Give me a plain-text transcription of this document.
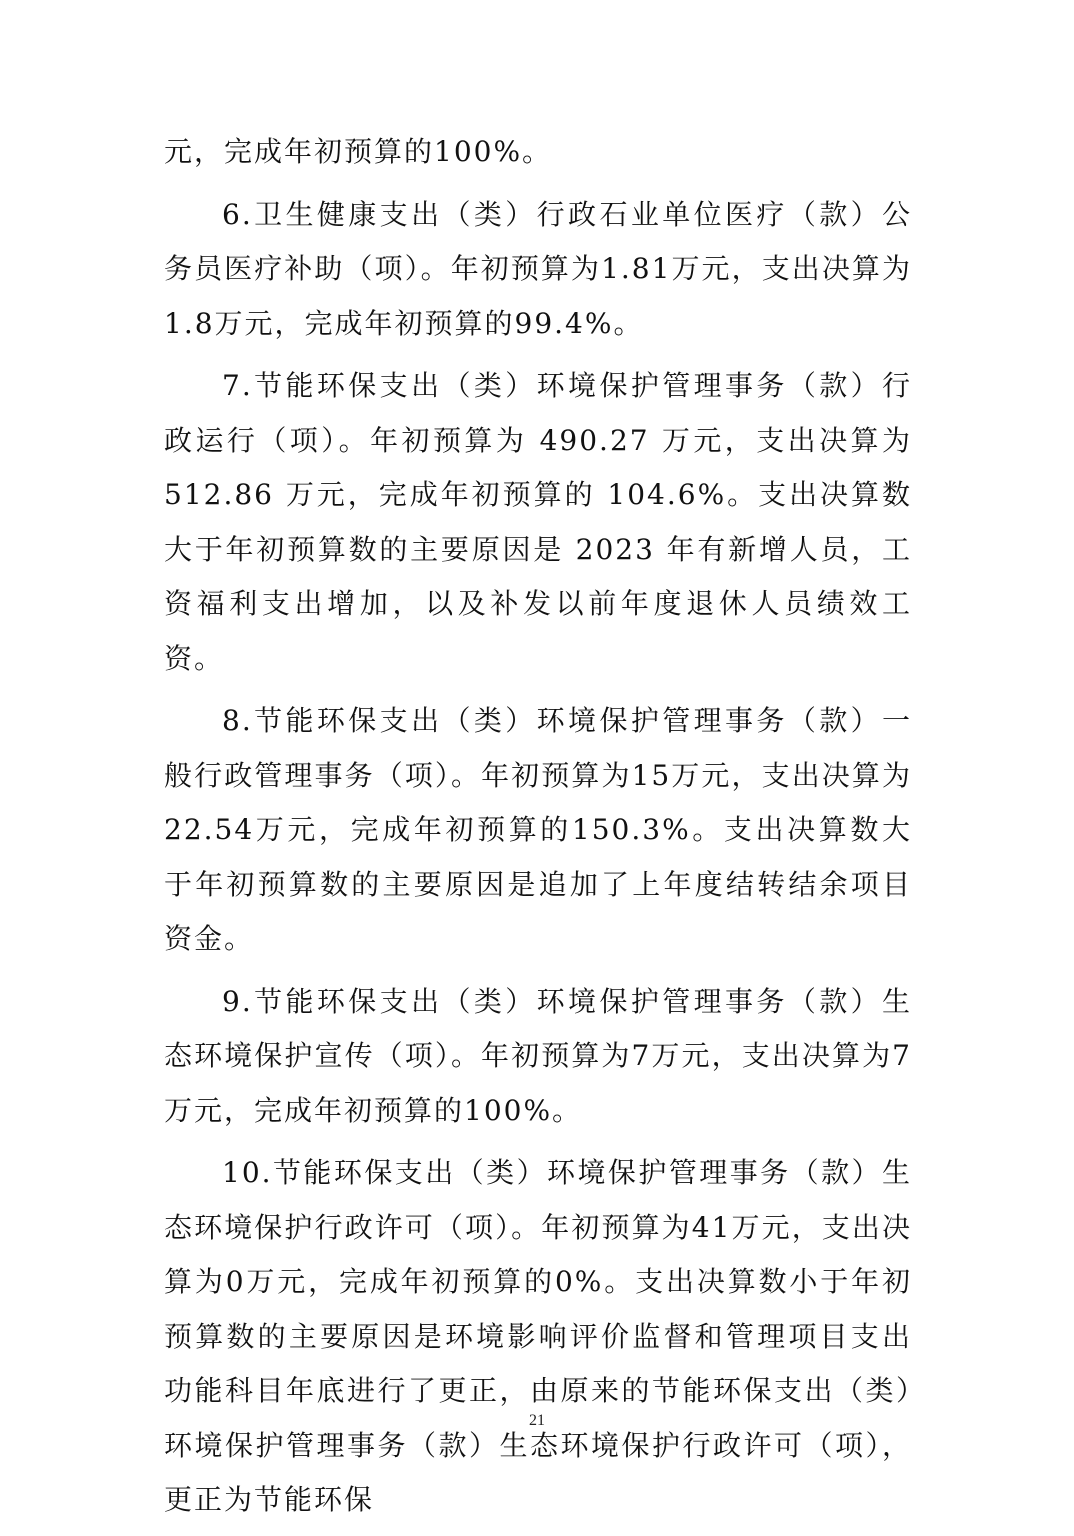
元，完成年初预算的100%。

6.卫生健康支出（类）行政石业单位医疗（款）公务员医疗补助（项）。年初预算为1.81万元，支出决算为1.8万元，完成年初预算的99.4%。

7.节能环保支出（类）环境保护管理事务（款）行政运行（项）。年初预算为 490.27 万元，支出决算为 512.86 万元，完成年初预算的 104.6%。支出决算数大于年初预算数的主要原因是 2023 年有新增人员，工资福利支出增加，以及补发以前年度退休人员绩效工资。

8.节能环保支出（类）环境保护管理事务（款）一般行政管理事务（项）。年初预算为15万元，支出决算为22.54万元，完成年初预算的150.3%。支出决算数大于年初预算数的主要原因是追加了上年度结转结余项目资金。

9.节能环保支出（类）环境保护管理事务（款）生态环境保护宣传（项）。年初预算为7万元，支出决算为7万元，完成年初预算的100%。

10.节能环保支出（类）环境保护管理事务（款）生态环境保护行政许可（项）。年初预算为41万元，支出决算为0万元，完成年初预算的0%。支出决算数小于年初预算数的主要原因是环境影响评价监督和管理项目支出功能科目年底进行了更正，由原来的节能环保支出（类）环境保护管理事务（款）生态环境保护行政许可（项），更正为节能环保

21
